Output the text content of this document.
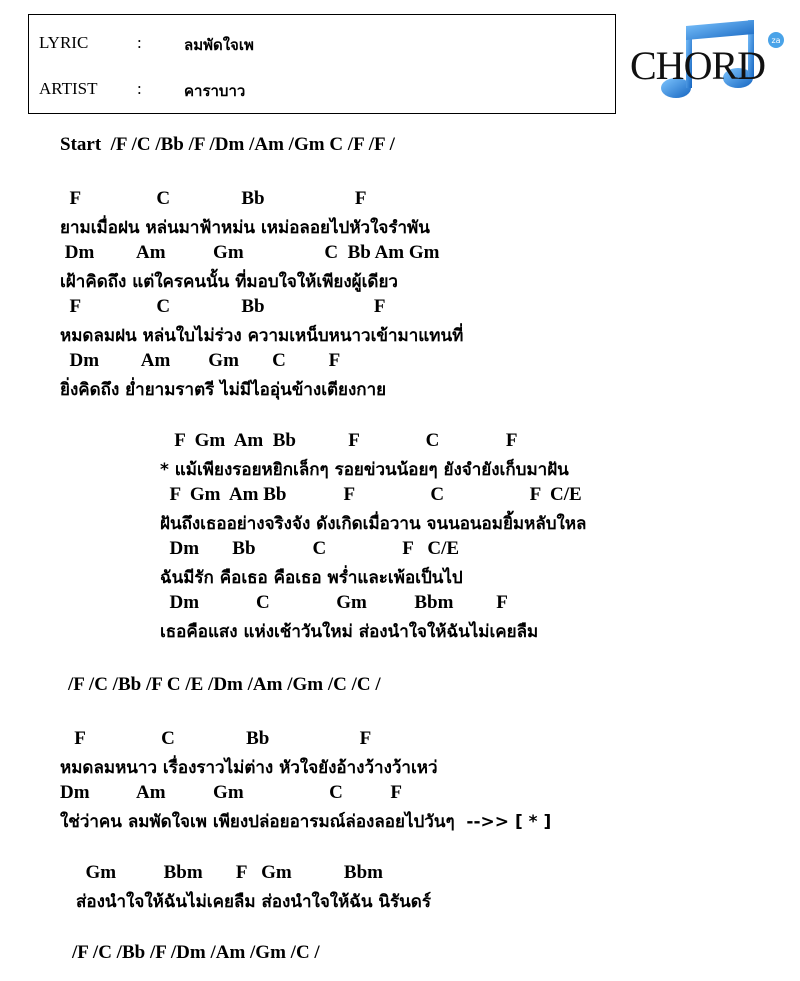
LYRIC	:	ลมพัดใจเพ
ARTIST	:	คาราบาว
za
CHORD
Start  /F /C /Bb /F /Dm /Am /Gm C /F /F /
F                C               Bb                   F
ยามเมื่อฝน หล่นมาฟ้าหม่น เหม่อลอยไปหัวใจรำพัน
Dm         Am          Gm                 C  Bb Am Gm
เฝ้าคิดถึง แต่ใครคนนั้น ที่มอบใจให้เพียงผู้เดียว
F                C               Bb                       F
หมดลมฝน หล่นใบไม่ร่วง ความเหน็บหนาวเข้ามาแทนที่
Dm         Am        Gm       C         F
ยิ่งคิดถึง ย่ำยามราตรี ไม่มีไออุ่นข้างเตียงกาย
F  Gm  Am  Bb           F              C              F
* แม้เพียงรอยหยิกเล็กๆ รอยข่วนน้อยๆ ยังจำยังเก็บมาฝัน
F  Gm  Am Bb            F                C                  F  C/E
ฝันถึงเธออย่างจริงจัง ดังเกิดเมื่อวาน จนนอนอมยิ้มหลับใหล
Dm       Bb            C                F   C/E
ฉันมีรัก คือเธอ คือเธอ พร่ำและเพ้อเป็นไป
Dm            C              Gm          Bbm         F
เธอคือแสง แห่งเช้าวันใหม่ ส่องนำใจให้ฉันไม่เคยลืม
/F /C /Bb /F C /E /Dm /Am /Gm /C /C /
F                C               Bb                   F
หมดลมหนาว เรื่องราวไม่ต่าง หัวใจยังอ้างว้างว้าเหว่
Dm          Am          Gm                  C          F
ใช่ว่าคน ลมพัดใจเพ เพียงปล่อยอารมณ์ล่องลอยไปวันๆ  -->> [ * ]
Gm          Bbm       F   Gm           Bbm
ส่องนำใจให้ฉันไม่เคยลืม ส่องนำใจให้ฉัน นิรันดร์
/F /C /Bb /F /Dm /Am /Gm /C /
